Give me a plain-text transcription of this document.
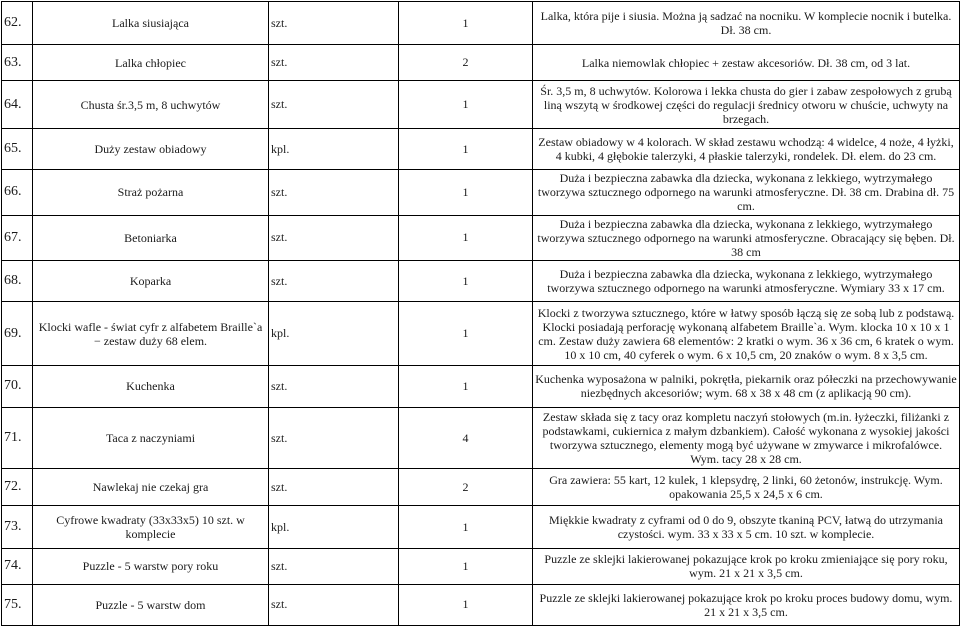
62.	Lalka siusiająca	szt.	1	Lalka, która pije i siusia. Można ją sadzać na nocniku. W komplecie nocnik i butelka. Dł. 38 cm.
63.	Lalka chłopiec	szt.	2	Lalka niemowlak chłopiec + zestaw akcesoriów. Dł. 38 cm, od 3 lat.
64.	Chusta śr.3,5 m, 8 uchwytów	szt.	1	Śr. 3,5 m, 8 uchwytów. Kolorowa i lekka chusta do gier i zabaw zespołowych z grubą liną wszytą w środkowej części do regulacji średnicy otworu w chuście, uchwyty na brzegach.
65.	Duży zestaw obiadowy	kpl.	1	Zestaw obiadowy w 4 kolorach. W skład zestawu wchodzą: 4 widelce, 4 noże, 4 łyżki, 4 kubki, 4 głębokie talerzyki, 4 płaskie talerzyki, rondelek. Dł. elem. do 23 cm.
66.	Straż pożarna	szt.	1	Duża i bezpieczna zabawka dla dziecka, wykonana z lekkiego, wytrzymałego tworzywa sztucznego odpornego na warunki atmosferyczne. Dł. 38 cm. Drabina dł. 75 cm.
67.	Betoniarka	szt.	1	Duża i bezpieczna zabawka dla dziecka, wykonana z lekkiego, wytrzymałego tworzywa sztucznego odpornego na warunki atmosferyczne. Obracający się bęben. Dł. 38 cm
68.	Koparka	szt.	1	Duża i bezpieczna zabawka dla dziecka, wykonana z lekkiego, wytrzymałego tworzywa sztucznego odpornego na warunki atmosferyczne. Wymiary 33 x 17 cm.
69.	Klocki wafle - świat cyfr z alfabetem Braille`a − zestaw duży 68 elem.	kpl.	1	Klocki z tworzywa sztucznego, które w łatwy sposób łączą się ze sobą lub z podstawą. Klocki posiadają perforację wykonaną alfabetem Braille`a. Wym. klocka 10 x 10 x 1 cm. Zestaw duży zawiera 68 elementów: 2 kratki o wym. 36 x 36 cm, 6 kratek o wym. 10 x 10 cm, 40 cyferek o wym. 6 x 10,5 cm, 20 znaków o wym. 8 x 3,5 cm.
70.	Kuchenka	szt.	1	Kuchenka wyposażona w palniki, pokrętła, piekarnik oraz półeczki na przechowywanie niezbędnych akcesoriów; wym. 68 x 38 x 48 cm (z aplikacją 90 cm).
71.	Taca z naczyniami	szt.	4	Zestaw składa się z tacy oraz kompletu naczyń stołowych (m.in. łyżeczki, filiżanki z podstawkami, cukiernica z małym dzbankiem). Całość wykonana z wysokiej jakości tworzywa sztucznego, elementy mogą być używane w zmywarce i mikrofalówce. Wym. tacy 28 x 28 cm.
72.	Nawlekaj nie czekaj gra	szt.	2	Gra zawiera: 55 kart, 12 kulek, 1 klepsydrę, 2 linki, 60 żetonów, instrukcję. Wym. opakowania 25,5 x 24,5 x 6 cm.
73.	Cyfrowe kwadraty (33x33x5) 10 szt. w komplecie	kpl.	1	Miękkie kwadraty z cyframi od 0 do 9, obszyte tkaniną PCV, łatwą do utrzymania czystości. wym. 33 x 33 x 5 cm. 10 szt. w komplecie.
74.	Puzzle - 5 warstw pory roku	szt.	1	Puzzle ze sklejki lakierowanej pokazujące krok po kroku zmieniające się pory roku, wym. 21 x 21 x 3,5 cm.
75.	Puzzle - 5 warstw dom	szt.	1	Puzzle ze sklejki lakierowanej pokazujące krok po kroku proces budowy domu, wym. 21 x 21 x 3,5 cm.
